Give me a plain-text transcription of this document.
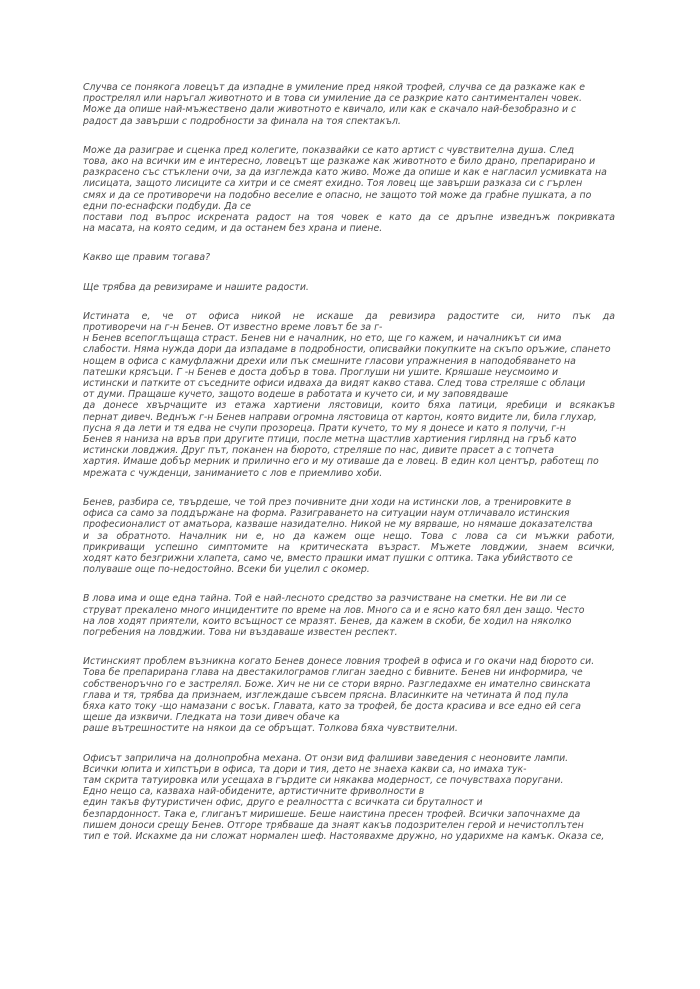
Случва се понякога ловецът да изпадне в умиление пред някой трофей, случва се да разкаже как е
прострелял или наръгал животното и в това си умиление да се разкрие като сантиментален човек.
Може да опише най-мъжествено дали животното е квичало, или как е скачало най-безобразно и с
радост да завърши с подробности за финала на тоя спектакъл.
Може да разиграе и сценка пред колегите, показвайки се като артист с чувствителна душа. След
това, ако на всички им е интересно, ловецът ще разкаже как животното е било драно, препарирано и
разкрасено със стъклени очи, за да изглежда като живо. Може да опише и как е нагласил усмивката на
лисицата, защото лисиците са хитри и се смеят ехидно. Тоя ловец ще завърши разказа си с гърлен
смях и да се противоречи на подобно веселие е опасно, не защото той може да грабне пушката, а по
едни по-еснафски подбуди. Да се
постави под въпрос искрената радост на тоя човек е като да се дръпне изведнъж покривката
на масата, на която седим, и да останем без храна и пиене.
Какво ще правим тогава?
Ще трябва да ревизираме и нашите радости.
Истината е, че от офиса никой не искаше да ревизира радостите си, нито пък да
противоречи на г-н Бенев. От известно време ловът бе за г-
н Бенев всепоглъщаща страст. Бенев ни е началник, но ето, ще го кажем, и началникът си има
слабости. Няма нужда дори да изпадаме в подробности, описвайки покупките на скъпо оръжие, спането
нощем в офиса с камуфлажни дрехи или пък смешните гласови упражнения в наподобяването на
патешки крясъци. Г -н Бенев е доста добър в това. Проглуши ни ушите. Кряшаше неусмоимо и
истински и патките от съседните офиси идваха да видят какво става. След това стреляше с облаци
от думи. Пращаше кучето, защото водеше в работата и кучето си, и му заповядваше
да донесе хвърчащите из етажа хартиени лястовици, които бяха патици, яребици и всякакъв
пернат дивеч. Веднъж г-н Бенев направи огромна лястовица от картон, която видите ли, била глухар,
пусна я да лети и тя едва не счупи прозореца. Прати кучето, то му я донесе и като я получи, г-н
Бенев я наниза на връв при другите птици, после метна щастлив хартиения гирлянд на гръб като
истински ловджия. Друг път, поканен на бюрото, стреляше по нас, дивите прасет а с топчета
хартия. Имаше добър мерник и прилично его и му отиваше да е ловец. В един кол център, работещ по
мрежата с чужденци, заниманието с лов е приемливо хоби.
Бенев, разбира се, твърдеше, че той през почивните дни ходи на истински лов, а тренировките в
офиса са само за поддържане на форма. Разиграването на ситуации наум отличавало истинския
професионалист от аматьора, казваше назидателно. Никой не му вярваше, но нямаше доказателства
и за обратното. Началник ни е, но да кажем още нещо. Това с лова са си мъжки работи,
прикриващи успешно симптомите на критическата възраст. Мъжете ловджии, знаем всички,
ходят като безгрижни хлапета, само че, вместо прашки имат пушки с оптика. Така убийството се
полуваше още по-недостойно. Всеки би уцелил с окомер.
В лова има и още една тайна. Той е най-лесното средство за разчистване на сметки. Не ви ли се
струват прекалено много инцидентите по време на лов. Много са и е ясно като бял ден защо. Често
на лов ходят приятели, които всъщност се мразят. Бенев, да кажем в скоби, бе ходил на няколко
погребения на ловджии. Това ни въздаваше известен респект.
Истинският проблем възникна когато Бенев донесе ловния трофей в офиса и го окачи над бюрото си.
Това бе препарирана глава на двестакилограмов глиган заедно с бивните. Бенев ни информира, че
собственоръчно го е застрелял. Боже. Хич не ни се стори вярно. Разгледахме ен имателно свинската
глава и тя, трябва да признаем, изглеждаше съвсем прясна. Власинките на четината й под пула
бяха като току -що намазани с восък. Главата, като за трофей, бе доста красива и все едно ей сега
щеше да изквичи. Гледката на този дивеч обаче ка
раше вътрешностите на някои да се обръщат. Толкова бяха чувствителни.
Офисът заприлича на долнопробна механа. От онзи вид фалшиви заведения с неоновите лампи.
Всички юпита и хипстъри в офиса, та дори и тия, дето не знаеха какви са, но имаха тук-
там скрита татуировка или усещаха в гърдите си някаква модерност, се почувстваха поругани.
Едно нещо са, казваха най-обидените, артистичните фриволности в
един такъв футуристичен офис, друго е реалността с всичката си бруталност и
безпардонност. Така е, глиганът миришеше. Беше наистина пресен трофей. Всички започнахме да
пишем доноси срещу Бенев. Отгоре трябваше да знаят какъв подозрителен герой и нечистоплътен
тип е той. Искахме да ни сложат нормален шеф. Настоявахме дружно, но ударихме на камък. Оказа се,
